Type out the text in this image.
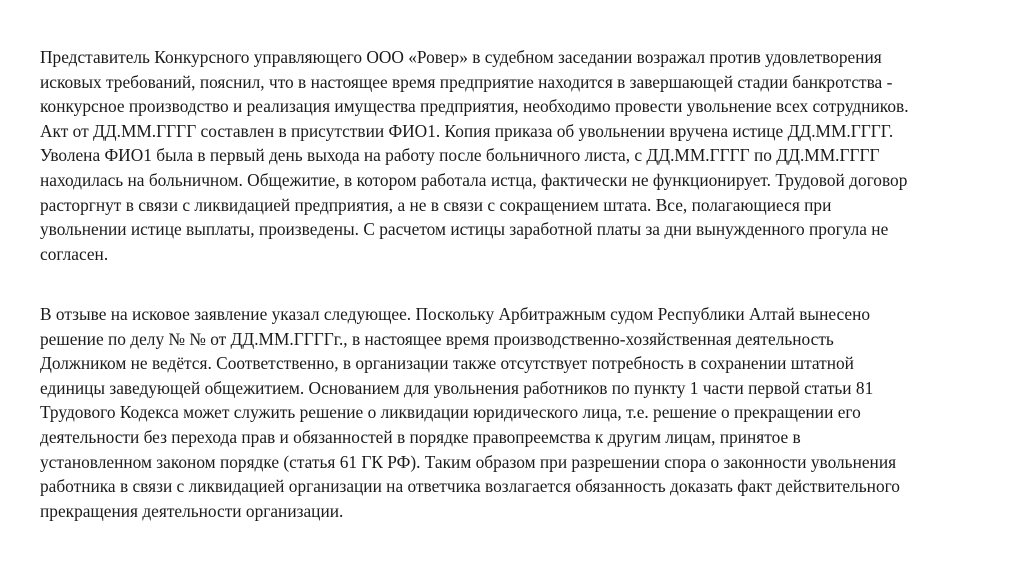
Представитель Конкурсного управляющего ООО «Ровер» в судебном заседании возражал против удовлетворения
исковых требований, пояснил, что в настоящее время предприятие находится в завершающей стадии банкротства -
конкурсное производство и реализация имущества предприятия, необходимо провести увольнение всех сотрудников.
Акт от ДД.ММ.ГГГГ составлен в присутствии ФИО1. Копия приказа об увольнении вручена истице ДД.ММ.ГГГГ.
Уволена ФИО1 была в первый день выхода на работу после больничного листа, с ДД.ММ.ГГГГ по ДД.ММ.ГГГГ
находилась на больничном. Общежитие, в котором работала истца, фактически не функционирует. Трудовой договор
расторгнут в связи с ликвидацией предприятия, а не в связи с сокращением штата. Все, полагающиеся при
увольнении истице выплаты, произведены. С расчетом истицы заработной платы за дни вынужденного прогула не
согласен.

В отзыве на исковое заявление указал следующее. Поскольку Арбитражным судом Республики Алтай вынесено
решение по делу № № от ДД.ММ.ГГГГг., в настоящее время производственно-хозяйственная деятельность
Должником не ведётся. Соответственно, в организации также отсутствует потребность в сохранении штатной
единицы заведующей общежитием. Основанием для увольнения работников по пункту 1 части первой статьи 81
Трудового Кодекса может служить решение о ликвидации юридического лица, т.е. решение о прекращении его
деятельности без перехода прав и обязанностей в порядке правопреемства к другим лицам, принятое в
установленном законом порядке (статья 61 ГК РФ). Таким образом при разрешении спора о законности увольнения
работника в связи с ликвидацией организации на ответчика возлагается обязанность доказать факт действительного
прекращения деятельности организации.
